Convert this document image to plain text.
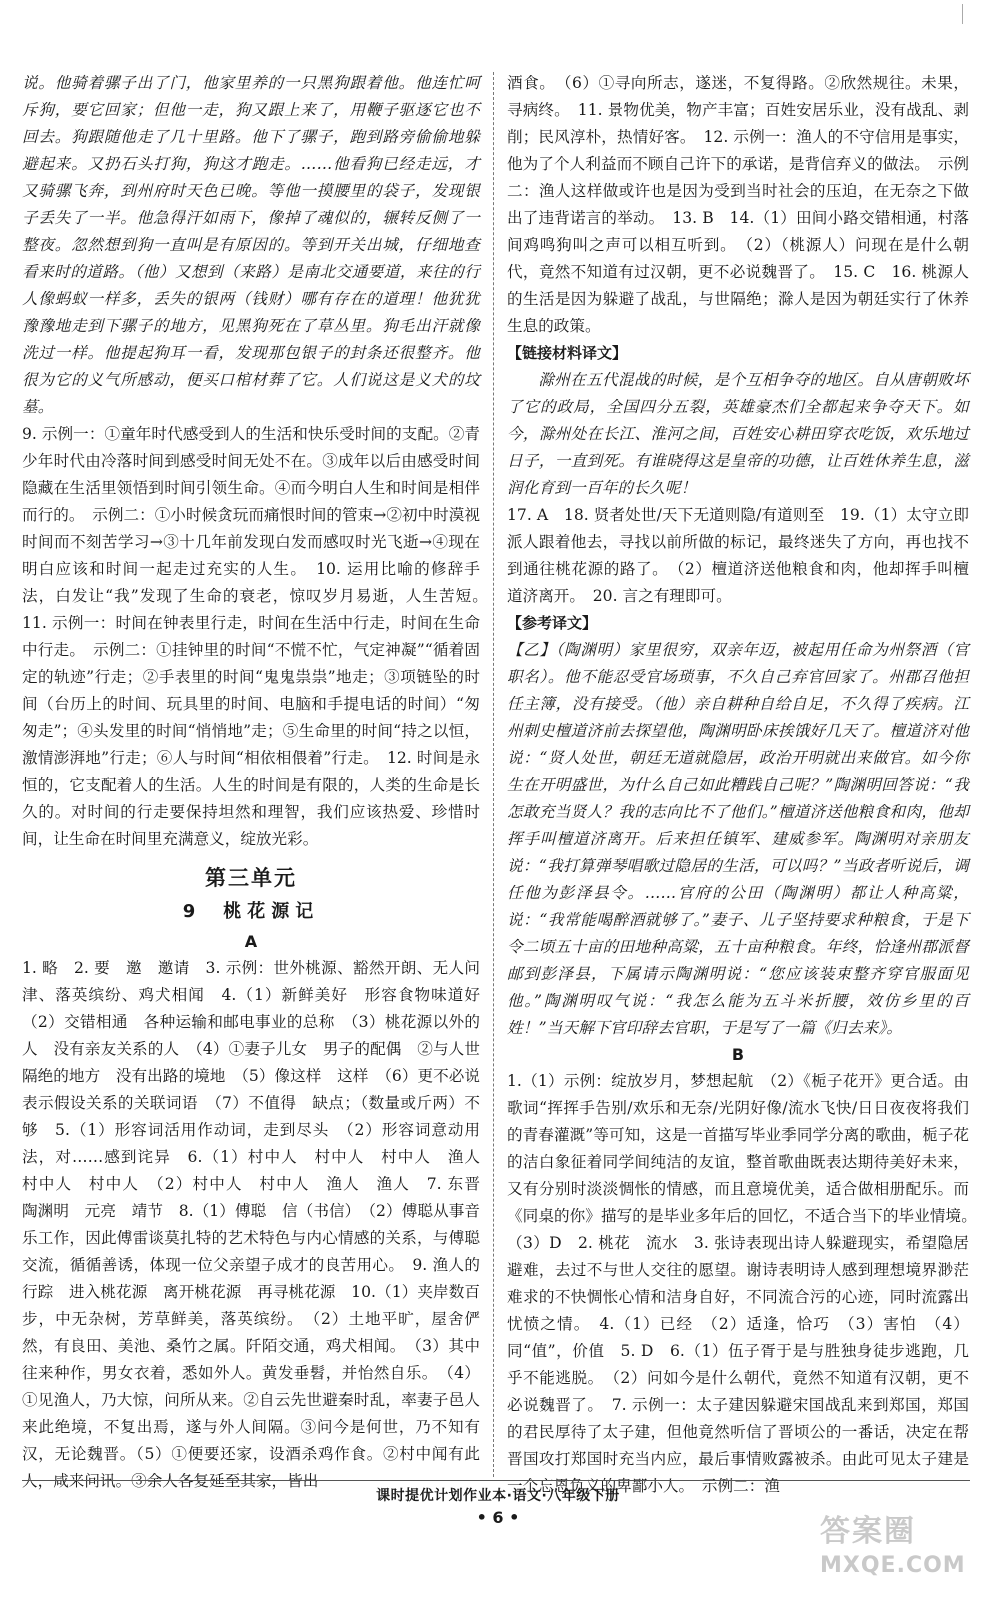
说。他骑着骡子出了门，他家里养的一只黑狗跟着他。他连忙呵斥狗，要它回家；但他一走，狗又跟上来了，用鞭子驱逐它也不回去。狗跟随他走了几十里路。他下了骡子，跑到路旁偷偷地躲避起来。又扔石头打狗，狗这才跑走。……他看狗已经走远，才又骑骡飞奔，到州府时天色已晚。等他一摸腰里的袋子，发现银子丢失了一半。他急得汗如雨下，像掉了魂似的，辗转反侧了一整夜。忽然想到狗一直叫是有原因的。等到开关出城，仔细地查看来时的道路。（他）又想到（来路）是南北交通要道，来往的行人像蚂蚁一样多，丢失的银两（钱财）哪有存在的道理！他犹犹豫豫地走到下骡子的地方，见黑狗死在了草丛里。狗毛出汗就像洗过一样。他提起狗耳一看，发现那包银子的封条还很整齐。他很为它的义气所感动，便买口棺材葬了它。人们说这是义犬的坟墓。

9. 示例一：①童年时代感受到人的生活和快乐受时间的支配。②青少年时代由冷落时间到感受时间无处不在。③成年以后由感受时间隐藏在生活里领悟到时间引领生命。④而今明白人生和时间是相伴而行的。　示例二：①小时候贪玩而痛恨时间的管束→②初中时漠视时间而不刻苦学习→③十几年前发现白发而感叹时光飞逝→④现在明白应该和时间一起走过充实的人生。　10. 运用比喻的修辞手法，白发让“我”发现了生命的衰老，惊叹岁月易逝，人生苦短。　11. 示例一：时间在钟表里行走，时间在生活中行走，时间在生命中行走。　示例二：①挂钟里的时间“不慌不忙，气定神凝”“循着固定的轨迹”行走；②手表里的时间“鬼鬼祟祟”地走；③项链坠的时间（台历上的时间、玩具里的时间、电脑和手提电话的时间）“匆匆走”；④头发里的时间“悄悄地”走；⑤生命里的时间“持之以恒，激情澎湃地”行走；⑥人与时间“相依相偎着”行走。　12. 时间是永恒的，它支配着人的生活。人生的时间是有限的，人类的生命是长久的。对时间的行走要保持坦然和理智，我们应该热爱、珍惜时间，让生命在时间里充满意义，绽放光彩。

第三单元
9 桃花源记
A

1. 略　2. 要　邀　邀请　3. 示例：世外桃源、豁然开朗、无人问津、落英缤纷、鸡犬相闻　4.（1）新鲜美好　形容食物味道好　（2）交错相通　各种运输和邮电事业的总称　（3）桃花源以外的人　没有亲友关系的人　（4）①妻子儿女　男子的配偶　②与人世隔绝的地方　没有出路的境地　（5）像这样　这样　（6）更不必说　表示假设关系的关联词语　（7）不值得　缺点；（数量或斤两）不够　5.（1）形容词活用作动词，走到尽头　（2）形容词意动用法，对……感到诧异　6.（1）村中人　村中人　村中人　渔人　村中人　村中人　（2）村中人　村中人　渔人　渔人　7. 东晋　陶渊明　元亮　靖节　8.（1）傅聪　信（书信）　（2）傅聪从事音乐工作，因此傅雷谈莫扎特的艺术特色与内心情感的关系，与傅聪交流，循循善诱，体现一位父亲望子成才的良苦用心。　9. 渔人的行踪　进入桃花源　离开桃花源　再寻桃花源　10.（1）夹岸数百步，中无杂树，芳草鲜美，落英缤纷。　（2）土地平旷，屋舍俨然，有良田、美池、桑竹之属。阡陌交通，鸡犬相闻。　（3）其中往来种作，男女衣着，悉如外人。黄发垂髫，并怡然自乐。　（4）①见渔人，乃大惊，问所从来。②自云先世避秦时乱，率妻子邑人来此绝境，不复出焉，遂与外人间隔。③问今是何世，乃不知有汉，无论魏晋。（5）①便要还家，设酒杀鸡作食。②村中闻有此人，咸来问讯。③余人各复延至其家，皆出

酒食。　（6）①寻向所志，遂迷，不复得路。②欣然规往。未果，寻病终。　11. 景物优美，物产丰富；百姓安居乐业，没有战乱、剥削；民风淳朴，热情好客。　12. 示例一：渔人的不守信用是事实，他为了个人利益而不顾自己许下的承诺，是背信弃义的做法。　示例二：渔人这样做或许也是因为受到当时社会的压迫，在无奈之下做出了违背诺言的举动。　13. B　14.（1）田间小路交错相通，村落间鸡鸣狗叫之声可以相互听到。　（2）（桃源人）问现在是什么朝代，竟然不知道有过汉朝，更不必说魏晋了。　15. C　16. 桃源人的生活是因为躲避了战乱，与世隔绝；滁人是因为朝廷实行了休养生息的政策。

【链接材料译文】

滁州在五代混战的时候，是个互相争夺的地区。自从唐朝败坏了它的政局，全国四分五裂，英雄豪杰们全都起来争夺天下。如今，滁州处在长江、淮河之间，百姓安心耕田穿衣吃饭，欢乐地过日子，一直到死。有谁晓得这是皇帝的功德，让百姓休养生息，滋润化育到一百年的长久呢！

17. A　18. 贤者处世/天下无道则隐/有道则至　19.（1）太守立即派人跟着他去，寻找以前所做的标记，最终迷失了方向，再也找不到通往桃花源的路了。　（2）檀道济送他粮食和肉，他却挥手叫檀道济离开。　20. 言之有理即可。

【参考译文】

【乙】（陶渊明）家里很穷，双亲年迈，被起用任命为州祭酒（官职名）。他不能忍受官场琐事，不久自己弃官回家了。州郡召他担任主簿，没有接受。（他）亲自耕种自给自足，不久得了疾病。江州刺史檀道济前去探望他，陶渊明卧床挨饿好几天了。檀道济对他说：“贤人处世，朝廷无道就隐居，政治开明就出来做官。如今你生在开明盛世，为什么自己如此糟践自己呢？”陶渊明回答说：“我怎敢充当贤人？我的志向比不了他们。”檀道济送他粮食和肉，他却挥手叫檀道济离开。后来担任镇军、建威参军。陶渊明对亲朋友说：“我打算弹琴唱歌过隐居的生活，可以吗？”当政者听说后，调任他为彭泽县令。……官府的公田（陶渊明）都让人种高粱，说：“我常能喝醉酒就够了。”妻子、儿子坚持要求种粮食，于是下令二顷五十亩的田地种高粱，五十亩种粮食。年终，恰逢州郡派督邮到彭泽县，下属请示陶渊明说：“您应该装束整齐穿官服面见他。”陶渊明叹气说：“我怎么能为五斗米折腰，效仿乡里的百姓！”当天解下官印辞去官职，于是写了一篇《归去来》。

B

1.（1）示例：绽放岁月，梦想起航　（2）《栀子花开》更合适。由歌词“挥挥手告别/欢乐和无奈/光阴好像/流水飞快/日日夜夜将我们的青春灌溉”等可知，这是一首描写毕业季同学分离的歌曲，栀子花的洁白象征着同学间纯洁的友谊，整首歌曲既表达期待美好未来，又有分别时淡淡惆怅的情感，而且意境优美，适合做相册配乐。而《同桌的你》描写的是毕业多年后的回忆，不适合当下的毕业情境。　（3）D　2. 桃花　流水　3. 张诗表现出诗人躲避现实，希望隐居避难，去过不与世人交往的愿望。谢诗表明诗人感到理想境界渺茫难求的不快惆怅心情和洁身自好，不同流合污的心迹，同时流露出忧愤之情。　4.（1）已经　（2）适逢，恰巧　（3）害怕　（4）同“值”，价值　5. D　6.（1）伍子胥于是与胜独身徒步逃跑，几乎不能逃脱。　（2）问如今是什么朝代，竟然不知道有汉朝，更不必说魏晋了。　7. 示例一：太子建因躲避宋国战乱来到郑国，郑国的君民厚待了太子建，但他竟然听信了晋顷公的一番话，决定在帮晋国攻打郑国时充当内应，最后事情败露被杀。由此可见太子建是一个忘恩负义的卑鄙小人。　示例二：渔

课时提优计划作业本·语文·八年级下册
• 6 •	答案圈
MXQE.COM
